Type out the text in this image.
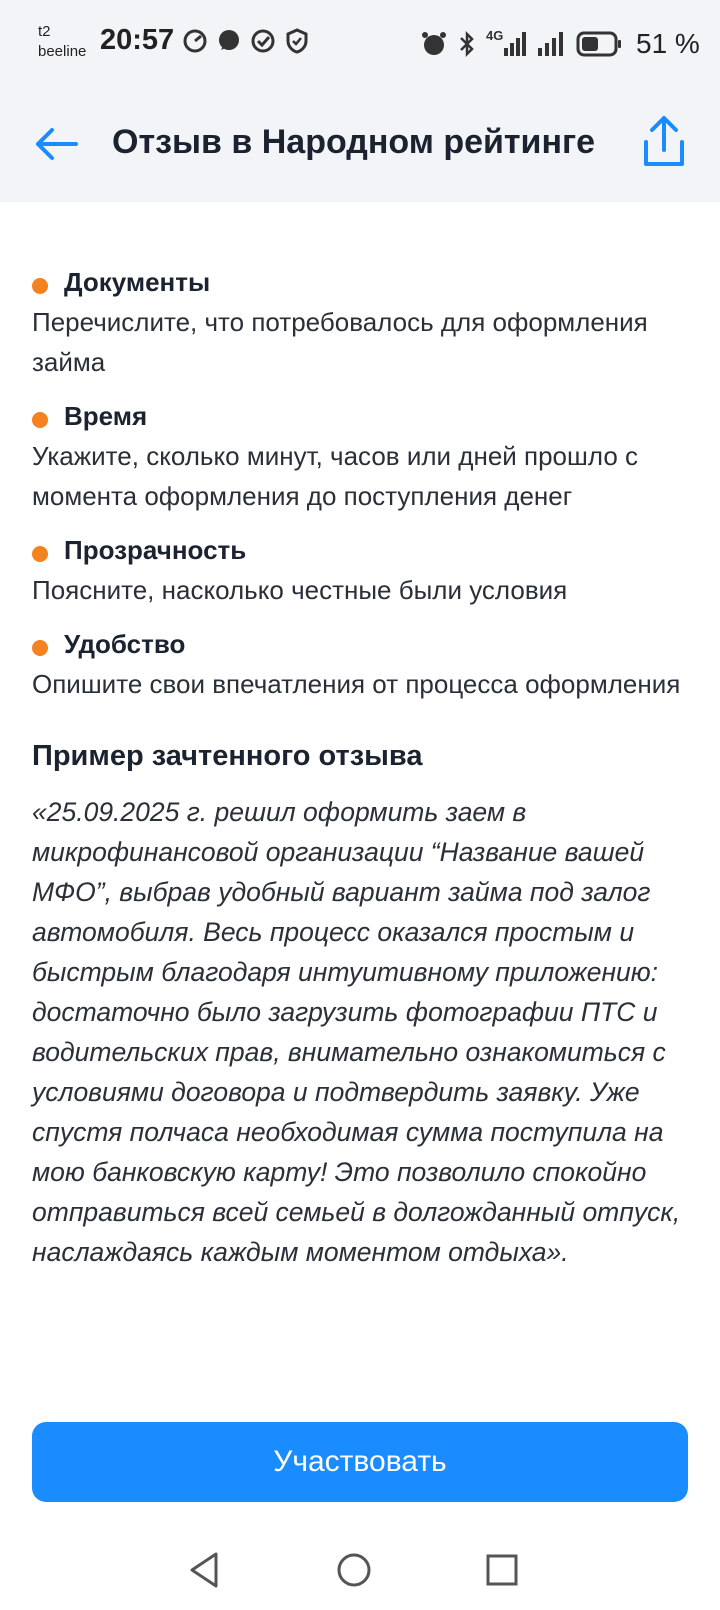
t2
beeline 20:57	4G	51 %
Отзыв в Народном рейтинге
Документы
Перечислите, что потребовалось для оформления займа
Время
Укажите, сколько минут, часов или дней прошло с момента оформления до поступления денег
Прозрачность
Поясните, насколько честные были условия
Удобство
Опишите свои впечатления от процесса оформления
Пример зачтенного отзыва
«25.09.2025 г. решил оформить заем в микрофинансовой организации “Название вашей МФО”, выбрав удобный вариант займа под залог автомобиля. Весь процесс оказался простым и быстрым благодаря интуитивному приложению: достаточно было загрузить фотографии ПТС и водительских прав, внимательно ознакомиться с условиями договора и подтвердить заявку. Уже спустя полчаса необходимая сумма поступила на мою банковскую карту! Это позволило спокойно отправиться всей семьей в долгожданный отпуск, наслаждаясь каждым моментом отдыха».
Участвовать
